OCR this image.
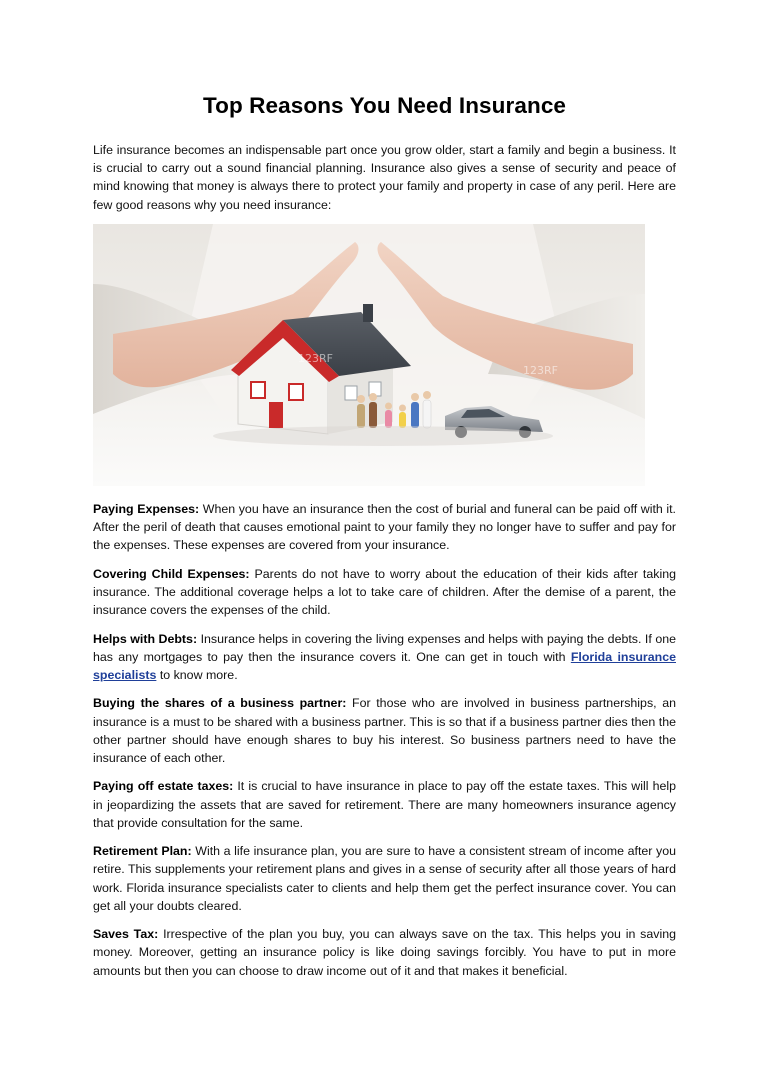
Top Reasons You Need Insurance

Life insurance becomes an indispensable part once you grow older, start a family and begin a business. It is crucial to carry out a sound financial planning. Insurance also gives a sense of security and peace of mind knowing that money is always there to protect your family and property in case of any peril. Here are few good reasons why you need insurance:

123RF
123RF

Paying Expenses: When you have an insurance then the cost of burial and funeral can be paid off with it. After the peril of death that causes emotional paint to your family they no longer have to suffer and pay for the expenses. These expenses are covered from your insurance.

Covering Child Expenses: Parents do not have to worry about the education of their kids after taking insurance. The additional coverage helps a lot to take care of children. After the demise of a parent, the insurance covers the expenses of the child.

Helps with Debts: Insurance helps in covering the living expenses and helps with paying the debts. If one has any mortgages to pay then the insurance covers it. One can get in touch with Florida insurance specialists to know more.

Buying the shares of a business partner: For those who are involved in business partnerships, an insurance is a must to be shared with a business partner. This is so that if a business partner dies then the other partner should have enough shares to buy his interest. So business partners need to have the insurance of each other.

Paying off estate taxes: It is crucial to have insurance in place to pay off the estate taxes. This will help in jeopardizing the assets that are saved for retirement. There are many homeowners insurance agency that provide consultation for the same.

Retirement Plan: With a life insurance plan, you are sure to have a consistent stream of income after you retire. This supplements your retirement plans and gives in a sense of security after all those years of hard work. Florida insurance specialists cater to clients and help them get the perfect insurance cover. You can get all your doubts cleared.

Saves Tax: Irrespective of the plan you buy, you can always save on the tax. This helps you in saving money. Moreover, getting an insurance policy is like doing savings forcibly. You have to put in more amounts but then you can choose to draw income out of it and that makes it beneficial.
